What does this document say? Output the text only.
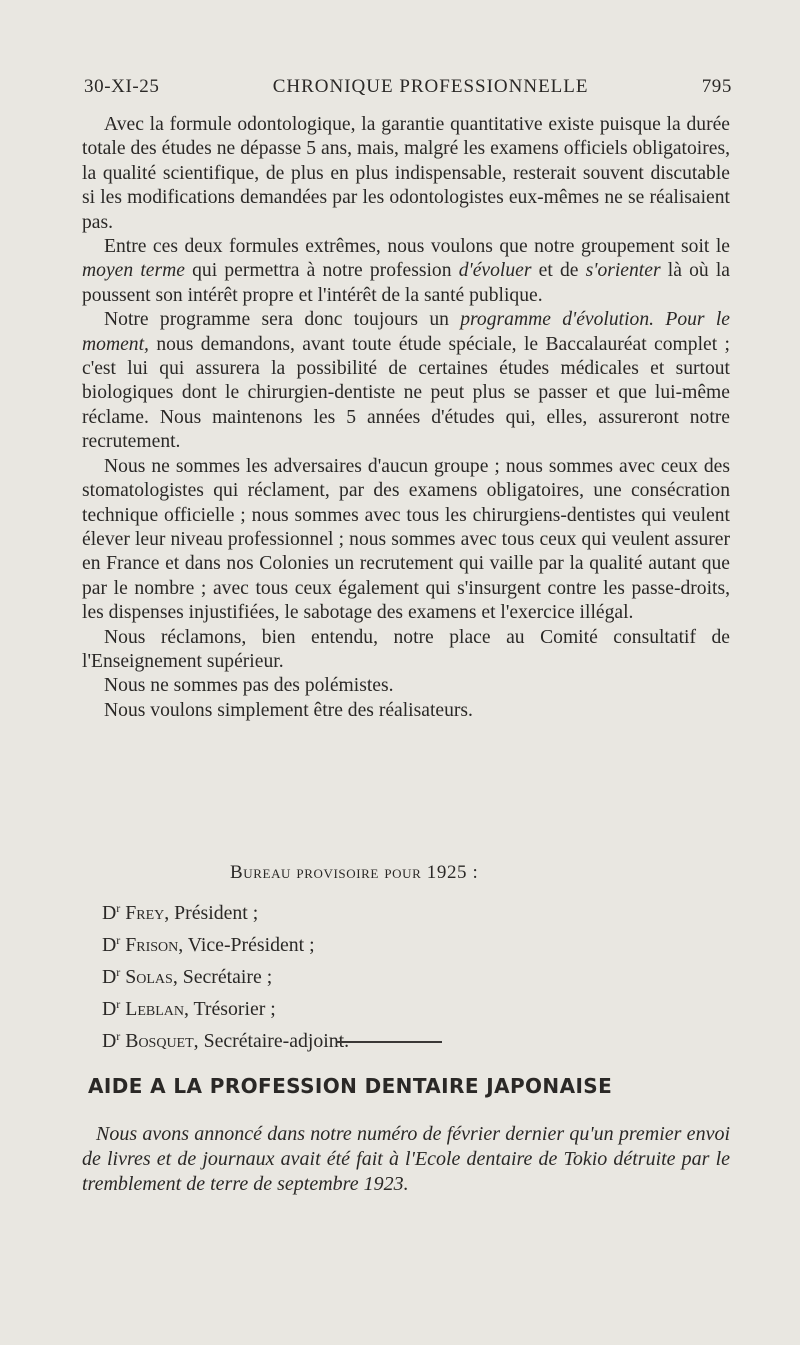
30-XI-25	CHRONIQUE PROFESSIONNELLE	795

Avec la formule odontologique, la garantie quantitative existe puisque la durée totale des études ne dépasse 5 ans, mais, malgré les examens officiels obligatoires, la qualité scientifique, de plus en plus indispensable, resterait souvent discutable si les modifications demandées par les odontologistes eux-mêmes ne se réalisaient pas.

Entre ces deux formules extrêmes, nous voulons que notre groupement soit le moyen terme qui permettra à notre profession d'évoluer et de s'orienter là où la poussent son intérêt propre et l'intérêt de la santé publique.

Notre programme sera donc toujours un programme d'évolution. Pour le moment, nous demandons, avant toute étude spéciale, le Baccalauréat complet ; c'est lui qui assurera la possibilité de certaines études médicales et surtout biologiques dont le chirurgien-dentiste ne peut plus se passer et que lui-même réclame. Nous maintenons les 5 années d'études qui, elles, assureront notre recrutement.

Nous ne sommes les adversaires d'aucun groupe ; nous sommes avec ceux des stomatologistes qui réclament, par des examens obligatoires, une consécration technique officielle ; nous sommes avec tous les chirurgiens-dentistes qui veulent élever leur niveau professionnel ; nous sommes avec tous ceux qui veulent assurer en France et dans nos Colonies un recrutement qui vaille par la qualité autant que par le nombre ; avec tous ceux également qui s'insurgent contre les passe-droits, les dispenses injustifiées, le sabotage des examens et l'exercice illégal.

Nous réclamons, bien entendu, notre place au Comité consultatif de l'Enseignement supérieur.

Nous ne sommes pas des polémistes.

Nous voulons simplement être des réalisateurs.

Bureau provisoire pour 1925 :
$D^r$ Frey, Président ;
$D^r$ Frison, Vice-Président ;
$D^r$ Solas, Secrétaire ;
$D^r$ Leblan, Trésorier ;
$D^r$ Bosquet, Secrétaire-adjoint.
AIDE A LA PROFESSION DENTAIRE JAPONAISE

Nous avons annoncé dans notre numéro de février dernier qu'un premier envoi de livres et de journaux avait été fait à l'Ecole dentaire de Tokio détruite par le tremblement de terre de septembre 1923.
